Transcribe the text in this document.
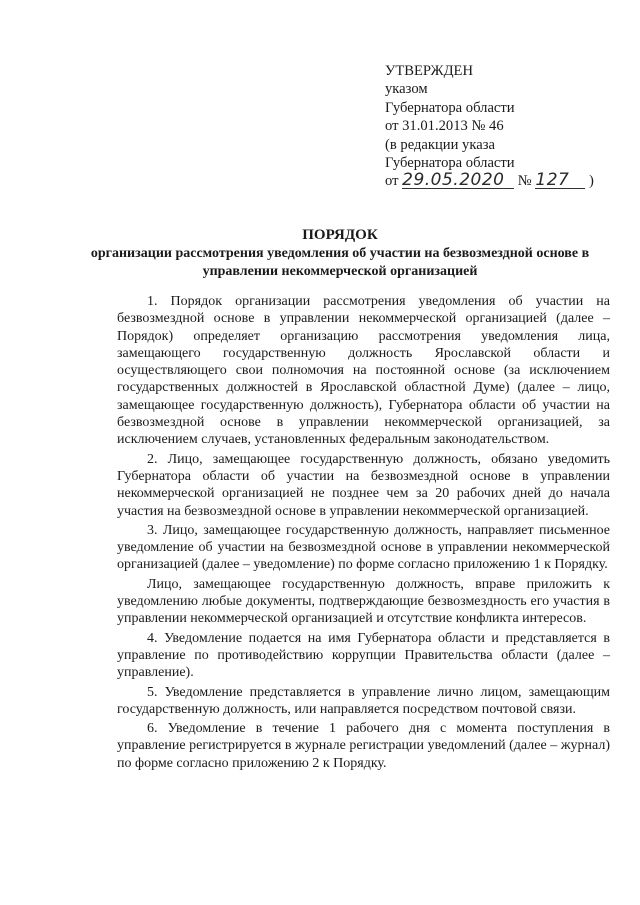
УТВЕРЖДЕН
указом
Губернатора области
от 31.01.2013 № 46
(в редакции указа
Губернатора области
от 29.05.2020 № 127 )
ПОРЯДОК
организации рассмотрения уведомления об участии на безвозмездной основе в управлении некоммерческой организацией

1. Порядок организации рассмотрения уведомления об участии на безвозмездной основе в управлении некоммерческой организацией (далее – Порядок) определяет организацию рассмотрения уведомления лица, замещающего государственную должность Ярославской области и осуществляющего свои полномочия на постоянной основе (за исключением государственных должностей в Ярославской областной Думе) (далее – лицо, замещающее государственную должность), Губернатора области об участии на безвозмездной основе в управлении некоммерческой организацией, за исключением случаев, установленных федеральным законодательством.

2. Лицо, замещающее государственную должность, обязано уведомить Губернатора области об участии на безвозмездной основе в управлении некоммерческой организацией не позднее чем за 20 рабочих дней до начала участия на безвозмездной основе в управлении некоммерческой организацией.

3. Лицо, замещающее государственную должность, направляет письменное уведомление об участии на безвозмездной основе в управлении некоммерческой организацией (далее – уведомление) по форме согласно приложению 1 к Порядку.

Лицо, замещающее государственную должность, вправе приложить к уведомлению любые документы, подтверждающие безвозмездность его участия в управлении некоммерческой организацией и отсутствие конфликта интересов.

4. Уведомление подается на имя Губернатора области и представляется в управление по противодействию коррупции Правительства области (далее – управление).

5. Уведомление представляется в управление лично лицом, замещающим государственную должность, или направляется посредством почтовой связи.

6. Уведомление в течение 1 рабочего дня с момента поступления в управление регистрируется в журнале регистрации уведомлений (далее – журнал) по форме согласно приложению 2 к Порядку.
